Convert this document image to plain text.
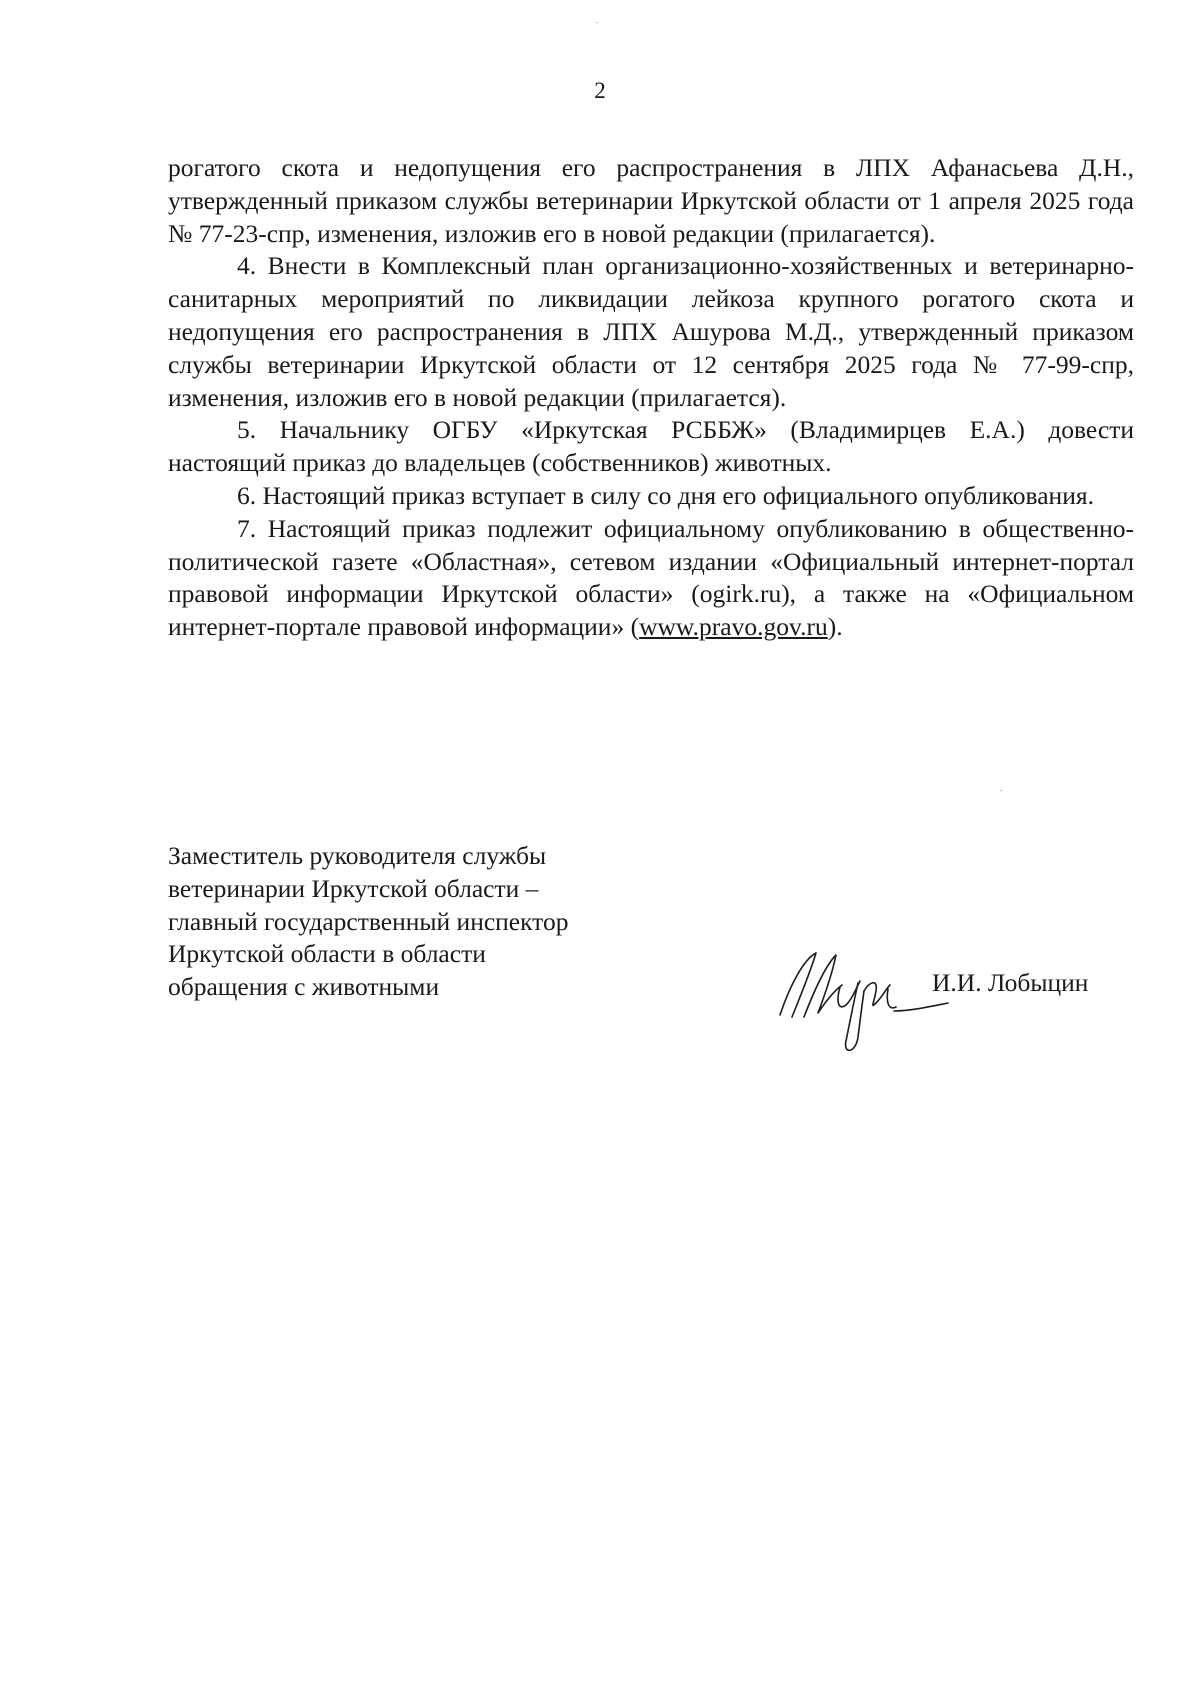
2

рогатого скота и недопущения его распространения в ЛПХ Афанасьева Д.Н., утвержденный приказом службы ветеринарии Иркутской области от 1 апреля 2025 года № 77-23-спр, изменения, изложив его в новой редакции (прилагается).

4. Внести в Комплексный план организационно-хозяйственных и ветеринарно-санитарных мероприятий по ликвидации лейкоза крупного рогатого скота и недопущения его распространения в ЛПХ Ашурова М.Д., утвержденный приказом службы ветеринарии Иркутской области от 12 сентября 2025 года № 77-99-спр, изменения, изложив его в новой редакции (прилагается).

5. Начальнику ОГБУ «Иркутская РСББЖ» (Владимирцев Е.А.) довести настоящий приказ до владельцев (собственников) животных.

6. Настоящий приказ вступает в силу со дня его официального опубликования.

7. Настоящий приказ подлежит официальному опубликованию в общественно-политической газете «Областная», сетевом издании «Официальный интернет-портал правовой информации Иркутской области» (ogirk.ru), а также на «Официальном интернет-портале правовой информации» (www.pravo.gov.ru).

Заместитель руководителя службы
ветеринарии Иркутской области –
главный государственный инспектор
Иркутской области в области
обращения с животными	И.И. Лобыцин
